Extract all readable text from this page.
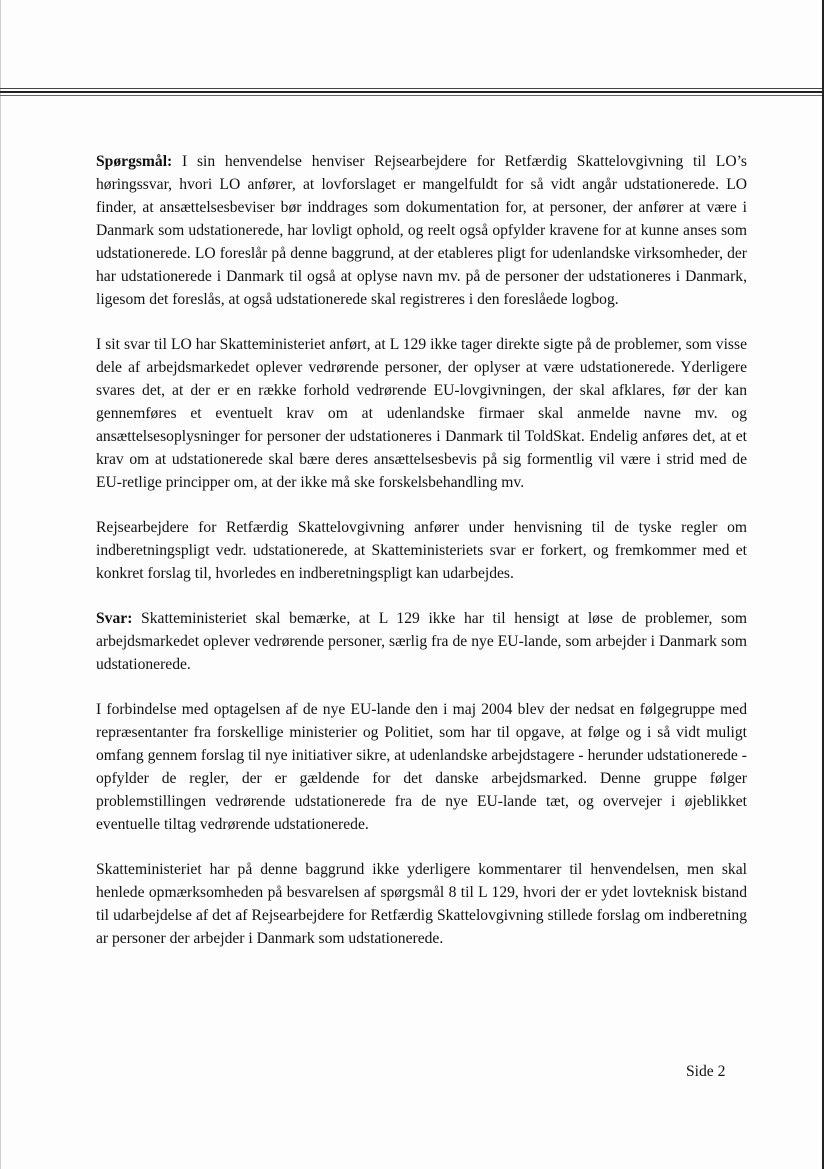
Spørgsmål: I sin henvendelse henviser Rejsearbejdere for Retfærdig Skattelovgivning til LO’s høringssvar, hvori LO anfører, at lovforslaget er mangelfuldt for så vidt angår udstationerede. LO finder, at ansættelsesbeviser bør inddrages som dokumentation for, at personer, der anfører at være i Danmark som udstationerede, har lovligt ophold, og reelt også opfylder kravene for at kunne anses som udstationerede. LO foreslår på denne baggrund, at der etableres pligt for udenlandske virksomheder, der har udstationerede i Danmark til også at oplyse navn mv. på de personer der udstationeres i Danmark, ligesom det foreslås, at også udstationerede skal registreres i den foreslåede logbog.

I sit svar til LO har Skatteministeriet anført, at L 129 ikke tager direkte sigte på de problemer, som visse dele af arbejdsmarkedet oplever vedrørende personer, der oplyser at være udstationerede. Yderligere svares det, at der er en række forhold vedrørende EU-lovgivningen, der skal afklares, før der kan gennemføres et eventuelt krav om at udenlandske firmaer skal anmelde navne mv. og ansættelsesoplysninger for personer der udstationeres i Danmark til ToldSkat. Endelig anføres det, at et krav om at udstationerede skal bære deres ansættelsesbevis på sig formentlig vil være i strid med de EU-retlige principper om, at der ikke må ske forskelsbehandling mv.

Rejsearbejdere for Retfærdig Skattelovgivning anfører under henvisning til de tyske regler om indberetningspligt vedr. udstationerede, at Skatteministeriets svar er forkert, og fremkommer med et konkret forslag til, hvorledes en indberetningspligt kan udarbejdes.

Svar: Skatteministeriet skal bemærke, at L 129 ikke har til hensigt at løse de problemer, som arbejdsmarkedet oplever vedrørende personer, særlig fra de nye EU-lande, som arbejder i Danmark som udstationerede.

I forbindelse med optagelsen af de nye EU-lande den i maj 2004 blev der nedsat en følgegruppe med repræsentanter fra forskellige ministerier og Politiet, som har til opgave, at følge og i så vidt muligt omfang gennem forslag til nye initiativer sikre, at udenlandske arbejdstagere - herunder udstationerede - opfylder de regler, der er gældende for det danske arbejdsmarked. Denne gruppe følger problemstillingen vedrørende udstationerede fra de nye EU-lande tæt, og overvejer i øjeblikket eventuelle tiltag vedrørende udstationerede.

Skatteministeriet har på denne baggrund ikke yderligere kommentarer til henvendelsen, men skal henlede opmærksomheden på besvarelsen af spørgsmål 8 til L 129, hvori der er ydet lovteknisk bistand til udarbejdelse af det af Rejsearbejdere for Retfærdig Skattelovgivning stillede forslag om indberetning ar personer der arbejder i Danmark som udstationerede.

Side 2
